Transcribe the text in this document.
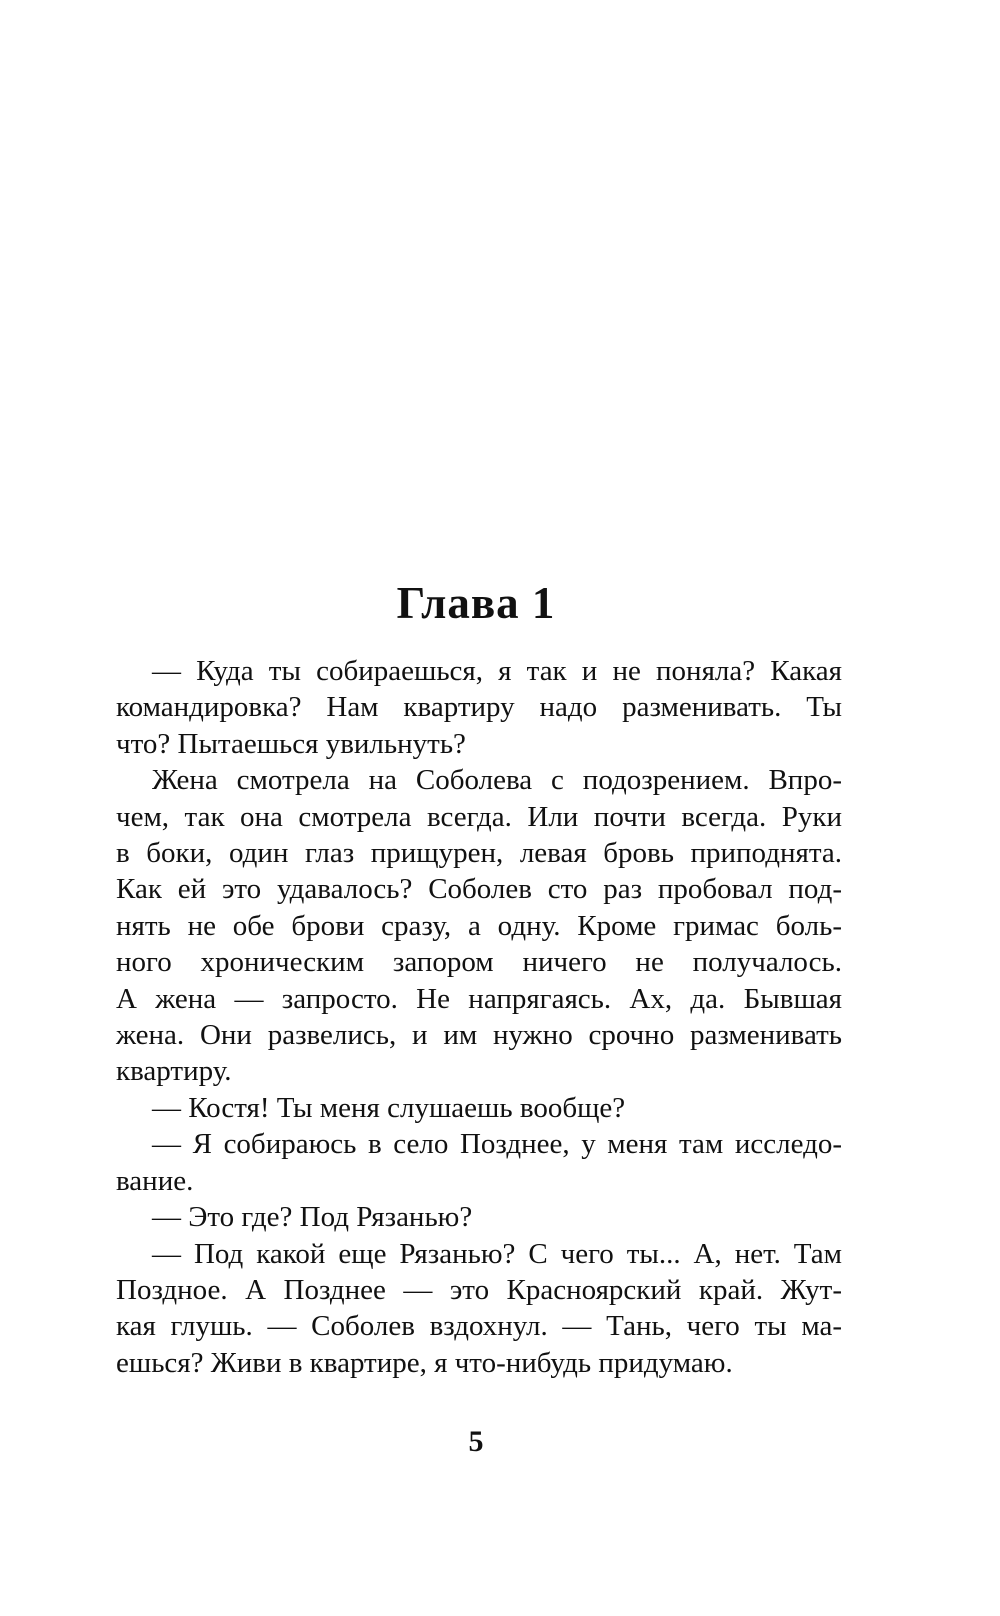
Глава 1
— Куда ты собираешься, я так и не поняла? Какая
командировка? Нам квартиру надо разменивать. Ты
что? Пытаешься увильнуть?
Жена смотрела на Соболева с подозрением. Впро-
чем, так она смотрела всегда. Или почти всегда. Руки
в боки, один глаз прищурен, левая бровь приподнята.
Как ей это удавалось? Соболев сто раз пробовал под-
нять не обе брови сразу, а одну. Кроме гримас боль-
ного хроническим запором ничего не получалось.
А жена — запросто. Не напрягаясь. Ах, да. Бывшая
жена. Они развелись, и им нужно срочно разменивать
квартиру.
— Костя! Ты меня слушаешь вообще?
— Я собираюсь в село Позднее, у меня там исследо-
вание.
— Это где? Под Рязанью?
— Под какой еще Рязанью? С чего ты... А, нет. Там
Поздное. А Позднее — это Красноярский край. Жут-
кая глушь. — Соболев вздохнул. — Тань, чего ты ма-
ешься? Живи в квартире, я что-нибудь придумаю.
5
